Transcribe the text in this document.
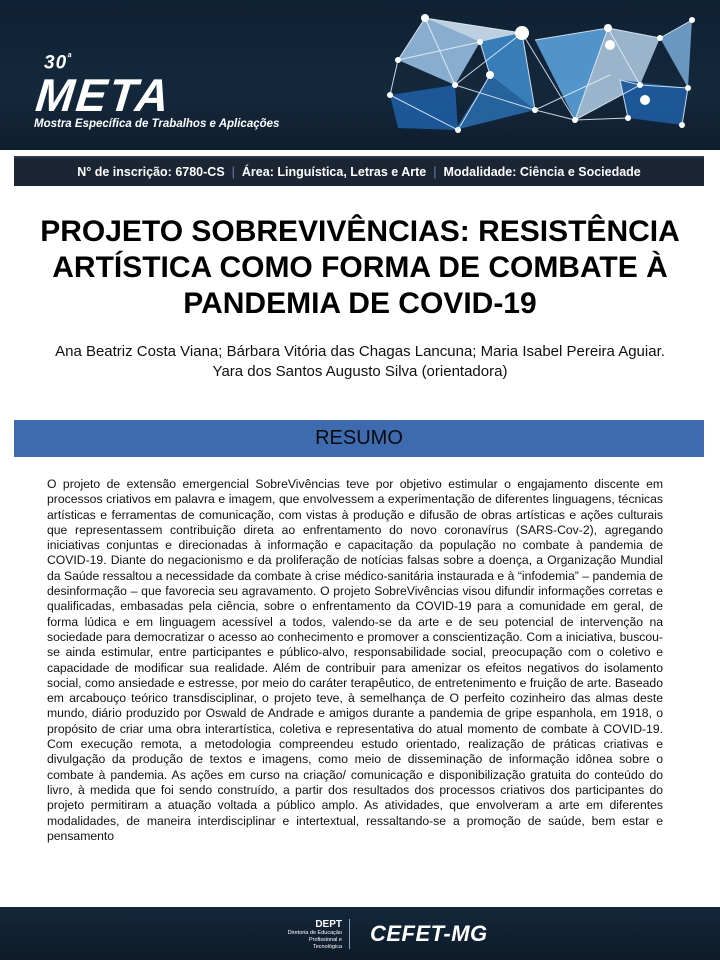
$30^ª$
META
Mostra Específica de Trabalhos e Aplicações
N° de inscrição: 6780-CS | Área: Linguística, Letras e Arte | Modalidade: Ciência e Sociedade
PROJETO SOBREVIVÊNCIAS: RESISTÊNCIA ARTÍSTICA COMO FORMA DE COMBATE À PANDEMIA DE COVID-19
Ana Beatriz Costa Viana; Bárbara Vitória das Chagas Lancuna; Maria Isabel Pereira Aguiar.
Yara dos Santos Augusto Silva (orientadora)
RESUMO
O projeto de extensão emergencial SobreVivências teve por objetivo estimular o engajamento discente em processos criativos em palavra e imagem, que envolvessem a experimentação de diferentes linguagens, técnicas artísticas e ferramentas de comunicação, com vistas à produção e difusão de obras artísticas e ações culturais que representassem contribuição direta ao enfrentamento do novo coronavírus (SARS-Cov-2), agregando iniciativas conjuntas e direcionadas à informação e capacitação da população no combate à pandemia de COVID-19. Diante do negacionismo e da proliferação de notícias falsas sobre a doença, a Organização Mundial da Saúde ressaltou a necessidade da combate à crise médico-sanitária instaurada e à “infodemia” – pandemia de desinformação – que favorecia seu agravamento. O projeto SobreVivências visou difundir informações corretas e qualificadas, embasadas pela ciência, sobre o enfrentamento da COVID-19 para a comunidade em geral, de forma lúdica e em linguagem acessível a todos, valendo-se da arte e de seu potencial de intervenção na sociedade para democratizar o acesso ao conhecimento e promover a conscientização. Com a iniciativa, buscou-se ainda estimular, entre participantes e público-alvo, responsabilidade social, preocupação com o coletivo e capacidade de modificar sua realidade. Além de contribuir para amenizar os efeitos negativos do isolamento social, como ansiedade e estresse, por meio do caráter terapêutico, de entretenimento e fruição de arte. Baseado em arcabouço teórico transdisciplinar, o projeto teve, à semelhança de O perfeito cozinheiro das almas deste mundo, diário produzido por Oswald de Andrade e amigos durante a pandemia de gripe espanhola, em 1918, o propósito de criar uma obra interartística, coletiva e representativa do atual momento de combate à COVID-19. Com execução remota, a metodologia compreendeu estudo orientado, realização de práticas criativas e divulgação da produção de textos e imagens, como meio de disseminação de informação idônea sobre o combate à pandemia. As ações em curso na criação/ comunicação e disponibilização gratuita do conteúdo do livro, à medida que foi sendo construído, a partir dos resultados dos processos criativos dos participantes do projeto permitiram a atuação voltada a público amplo. As atividades, que envolveram a arte em diferentes modalidades, de maneira interdisciplinar e intertextual, ressaltando-se a promoção de saúde, bem estar e pensamento
DEPT
Diretoria de Educação
Profissional e Tecnológica
CEFET-MG
